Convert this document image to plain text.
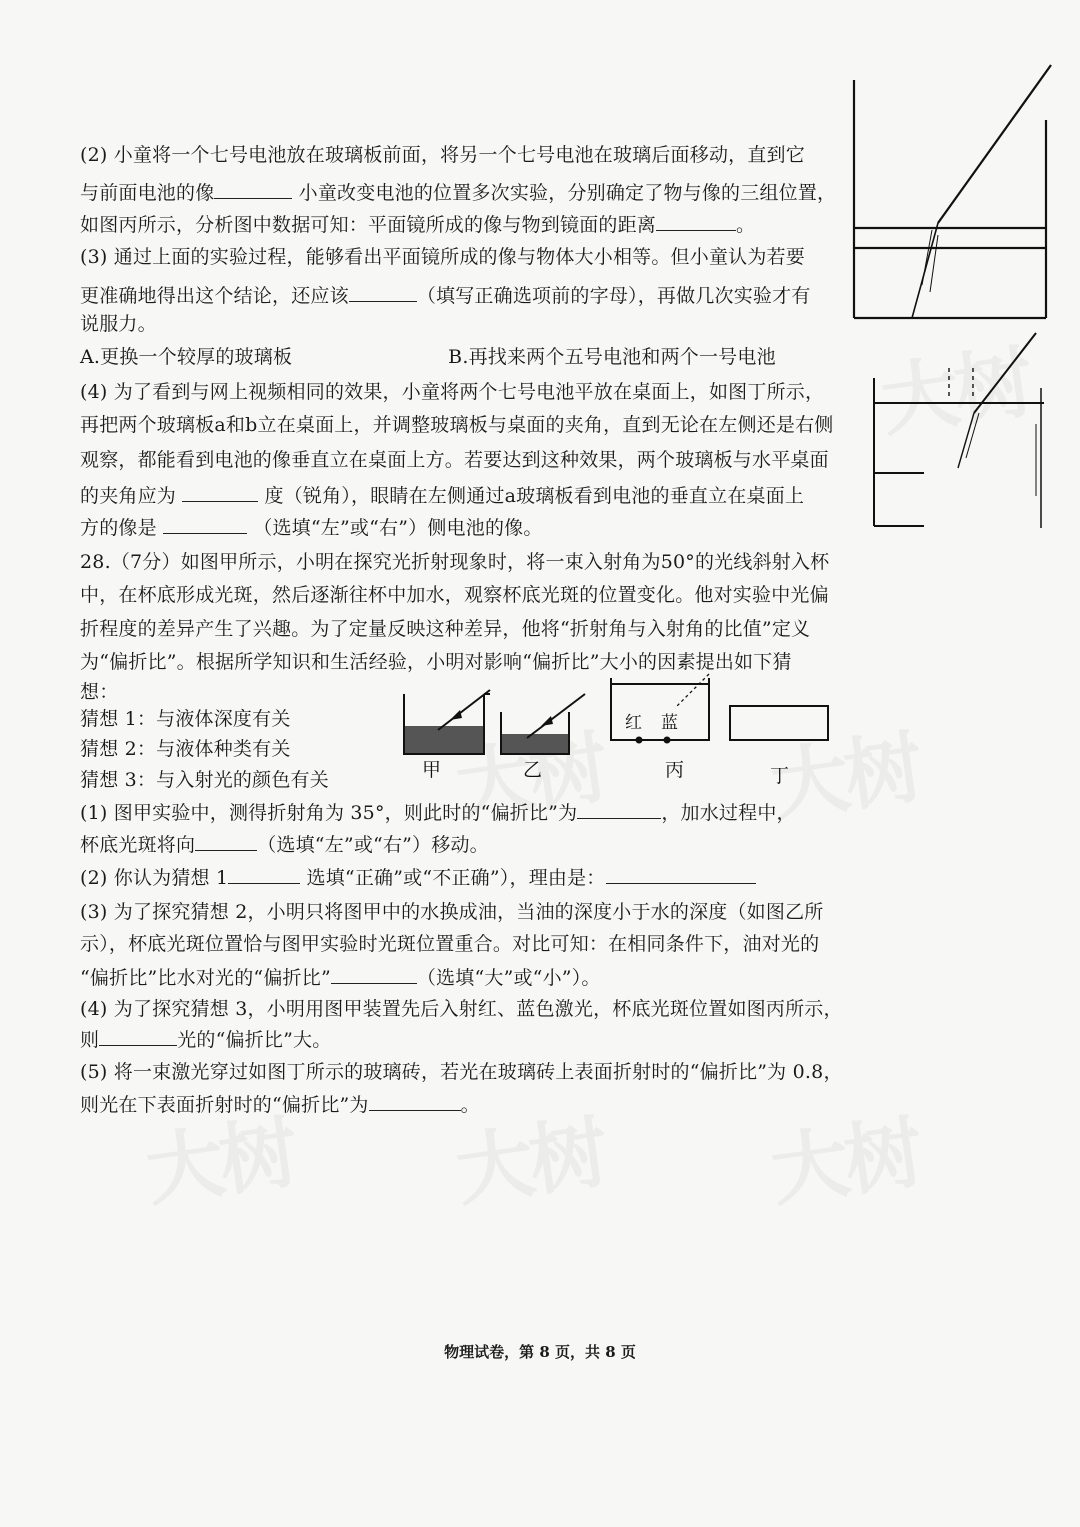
(2) 小童将一个七号电池放在玻璃板前面，将另一个七号电池在玻璃后面移动，直到它
与前面电池的像	小童改变电池的位置多次实验，分别确定了物与像的三组位置，
如图丙所示，分析图中数据可知：平面镜所成的像与物到镜面的距离	。
(3) 通过上面的实验过程，能够看出平面镜所成的像与物体大小相等。但小童认为若要
更准确地得出这个结论，还应该	（填写正确选项前的字母），再做几次实验才有
说服力。
A.更换一个较厚的玻璃板	B.再找来两个五号电池和两个一号电池
(4) 为了看到与网上视频相同的效果，小童将两个七号电池平放在桌面上，如图丁所示，
再把两个玻璃板a和b立在桌面上，并调整玻璃板与桌面的夹角，直到无论在左侧还是右侧
观察，都能看到电池的像垂直立在桌面上方。若要达到这种效果，两个玻璃板与水平桌面
的夹角应为	度（锐角），眼睛在左侧通过a玻璃板看到电池的垂直立在桌面上
方的像是	（选填“左”或“右”）侧电池的像。
28.（7分）如图甲所示，小明在探究光折射现象时，将一束入射角为50°的光线斜射入杯
中，在杯底形成光斑，然后逐渐往杯中加水，观察杯底光斑的位置变化。他对实验中光偏
折程度的差异产生了兴趣。为了定量反映这种差异，他将“折射角与入射角的比值”定义
为“偏折比”。根据所学知识和生活经验，小明对影响“偏折比”大小的因素提出如下猜
想：
猜想 1：与液体深度有关
猜想 2：与液体种类有关
猜想 3：与入射光的颜色有关
(1) 图甲实验中，测得折射角为 35°，则此时的“偏折比”为	，加水过程中，
杯底光斑将向	（选填“左”或“右”）移动。
(2) 你认为猜想 1	选填“正确”或“不正确”），理由是：
(3) 为了探究猜想 2，小明只将图甲中的水换成油，当油的深度小于水的深度（如图乙所
示），杯底光斑位置恰与图甲实验时光斑位置重合。对比可知：在相同条件下，油对光的
“偏折比”比水对光的“偏折比”	（选填“大”或“小”）。
(4) 为了探究猜想 3，小明用图甲装置先后入射红、蓝色激光，杯底光斑位置如图丙所示，
则	光的“偏折比”大。
(5) 将一束激光穿过如图丁所示的玻璃砖，若光在玻璃砖上表面折射时的“偏折比”为 0.8，
则光在下表面折射时的“偏折比”为	。
甲	乙
红 蓝
丙	丁
物理试卷，第 8 页，共 8 页
